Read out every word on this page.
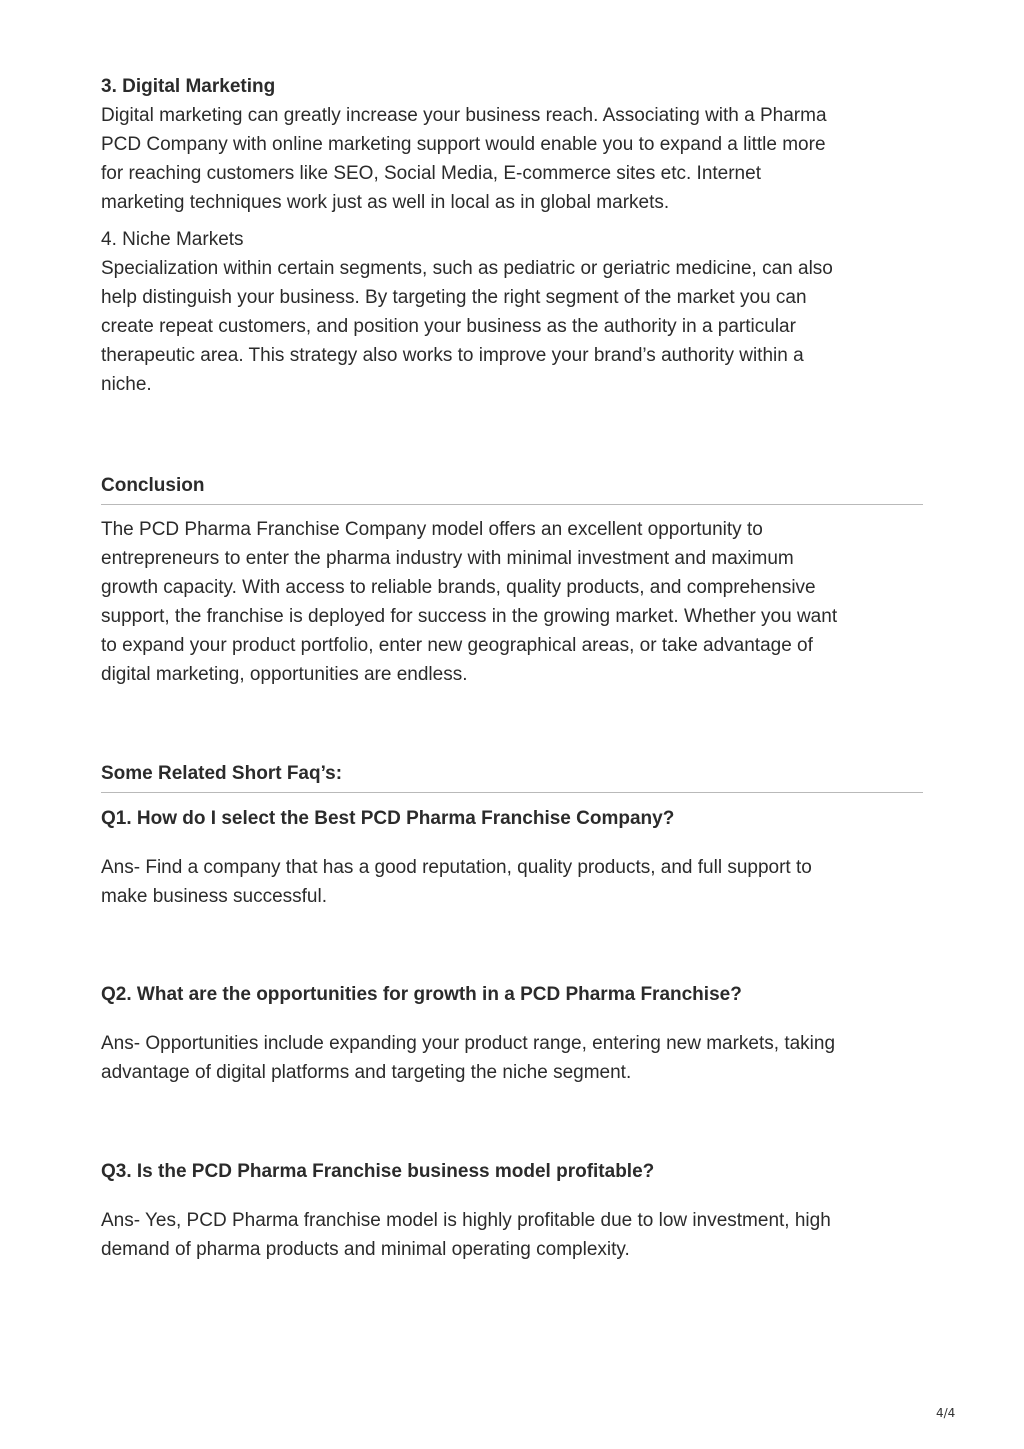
3. Digital Marketing

Digital marketing can greatly increase your business reach. Associating with a Pharma

PCD Company with online marketing support would enable you to expand a little more

for reaching customers like SEO, Social Media, E-commerce sites etc. Internet

marketing techniques work just as well in local as in global markets.

4. Niche Markets

Specialization within certain segments, such as pediatric or geriatric medicine, can also

help distinguish your business. By targeting the right segment of the market you can

create repeat customers, and position your business as the authority in a particular

therapeutic area. This strategy also works to improve your brand’s authority within a

niche.

Conclusion

The PCD Pharma Franchise Company model offers an excellent opportunity to

entrepreneurs to enter the pharma industry with minimal investment and maximum

growth capacity. With access to reliable brands, quality products, and comprehensive

support, the franchise is deployed for success in the growing market. Whether you want

to expand your product portfolio, enter new geographical areas, or take advantage of

digital marketing, opportunities are endless.

Some Related Short Faq’s:

Q1. How do I select the Best PCD Pharma Franchise Company?

Ans- Find a company that has a good reputation, quality products, and full support to

make business successful.

Q2. What are the opportunities for growth in a PCD Pharma Franchise?

Ans- Opportunities include expanding your product range, entering new markets, taking

advantage of digital platforms and targeting the niche segment.

Q3. Is the PCD Pharma Franchise business model profitable?

Ans- Yes, PCD Pharma franchise model is highly profitable due to low investment, high

demand of pharma products and minimal operating complexity.

4/4
